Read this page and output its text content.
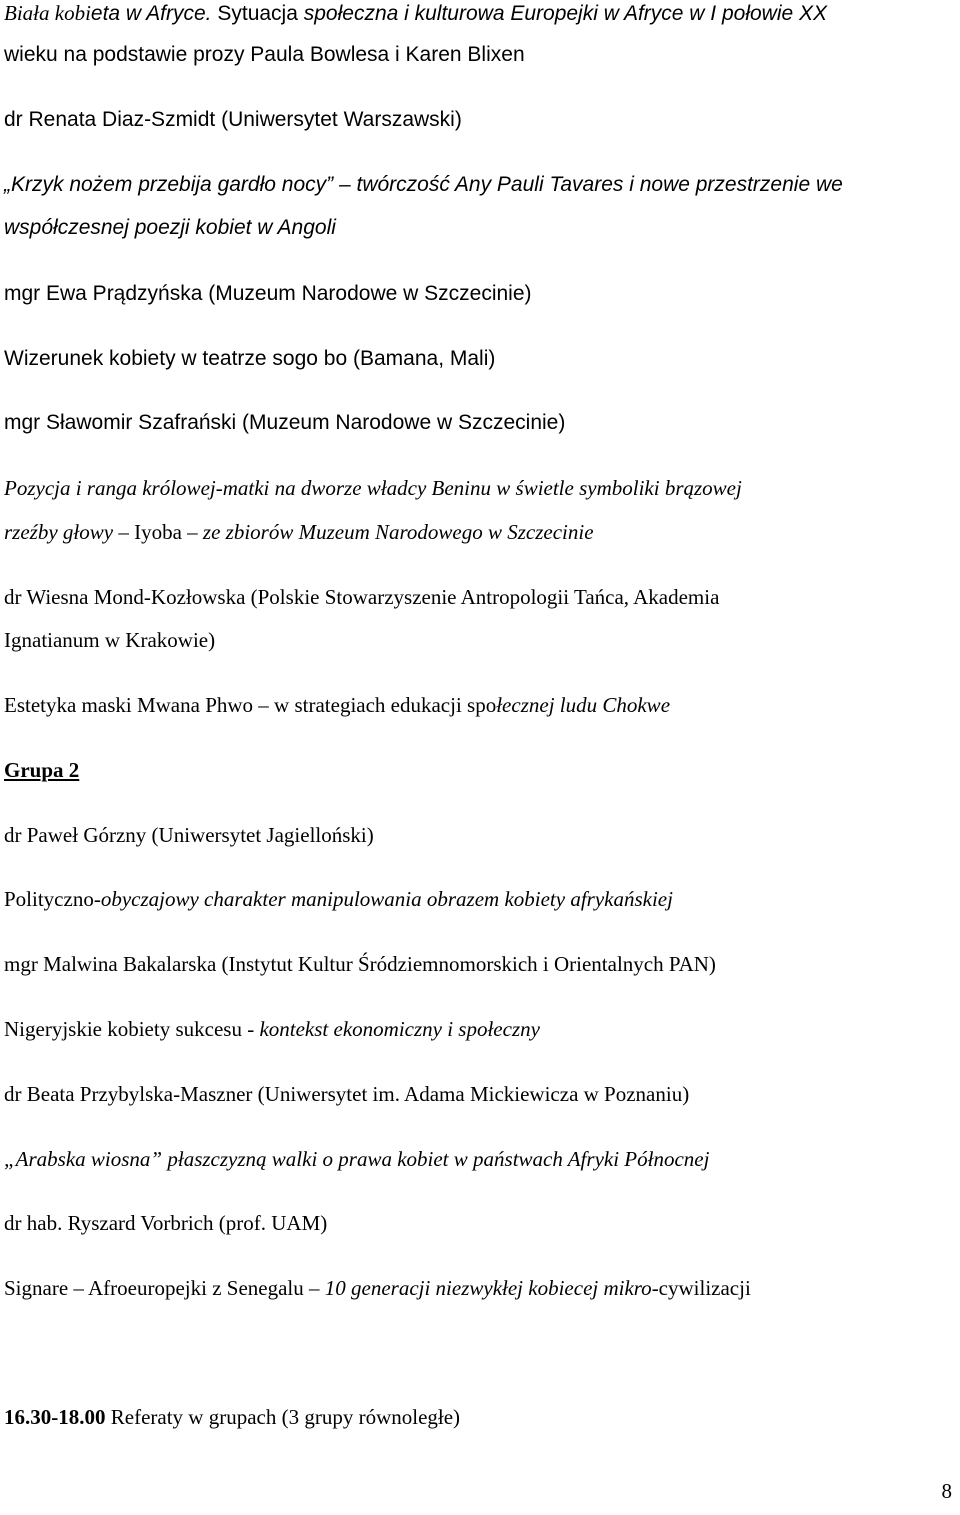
Biała kobieta w Afryce. Sytuacja społeczna i kulturowa Europejki w Afryce w I połowie XX
wieku na podstawie prozy Paula Bowlesa i Karen Blixen
dr Renata Diaz-Szmidt (Uniwersytet Warszawski)
„Krzyk nożem przebija gardło nocy” – twórczość Any Pauli Tavares i nowe przestrzenie we
współczesnej poezji kobiet w Angoli
mgr Ewa Prądzyńska (Muzeum Narodowe w Szczecinie)
Wizerunek kobiety w teatrze sogo bo (Bamana, Mali)
mgr Sławomir Szafrański (Muzeum Narodowe w Szczecinie)
Pozycja i ranga królowej-matki na dworze władcy Beninu w świetle symboliki brązowej
rzeźby głowy – Iyoba – ze zbiorów Muzeum Narodowego w Szczecinie
dr Wiesna Mond-Kozłowska (Polskie Stowarzyszenie Antropologii Tańca, Akademia
Ignatianum w Krakowie)
Estetyka maski Mwana Phwo – w strategiach edukacji społecznej ludu Chokwe
Grupa 2
dr Paweł Górzny (Uniwersytet Jagielloński)
Polityczno-obyczajowy charakter manipulowania obrazem kobiety afrykańskiej
mgr Malwina Bakalarska (Instytut Kultur Śródziemnomorskich i Orientalnych PAN)
Nigeryjskie kobiety sukcesu - kontekst ekonomiczny i społeczny
dr Beata Przybylska-Maszner (Uniwersytet im. Adama Mickiewicza w Poznaniu)
„Arabska wiosna” płaszczyzną walki o prawa kobiet w państwach Afryki Północnej
dr hab. Ryszard Vorbrich (prof. UAM)
Signare – Afroeuropejki z Senegalu – 10 generacji niezwykłej kobiecej mikro-cywilizacji
16.30-18.00 Referaty w grupach (3 grupy równoległe)
8
